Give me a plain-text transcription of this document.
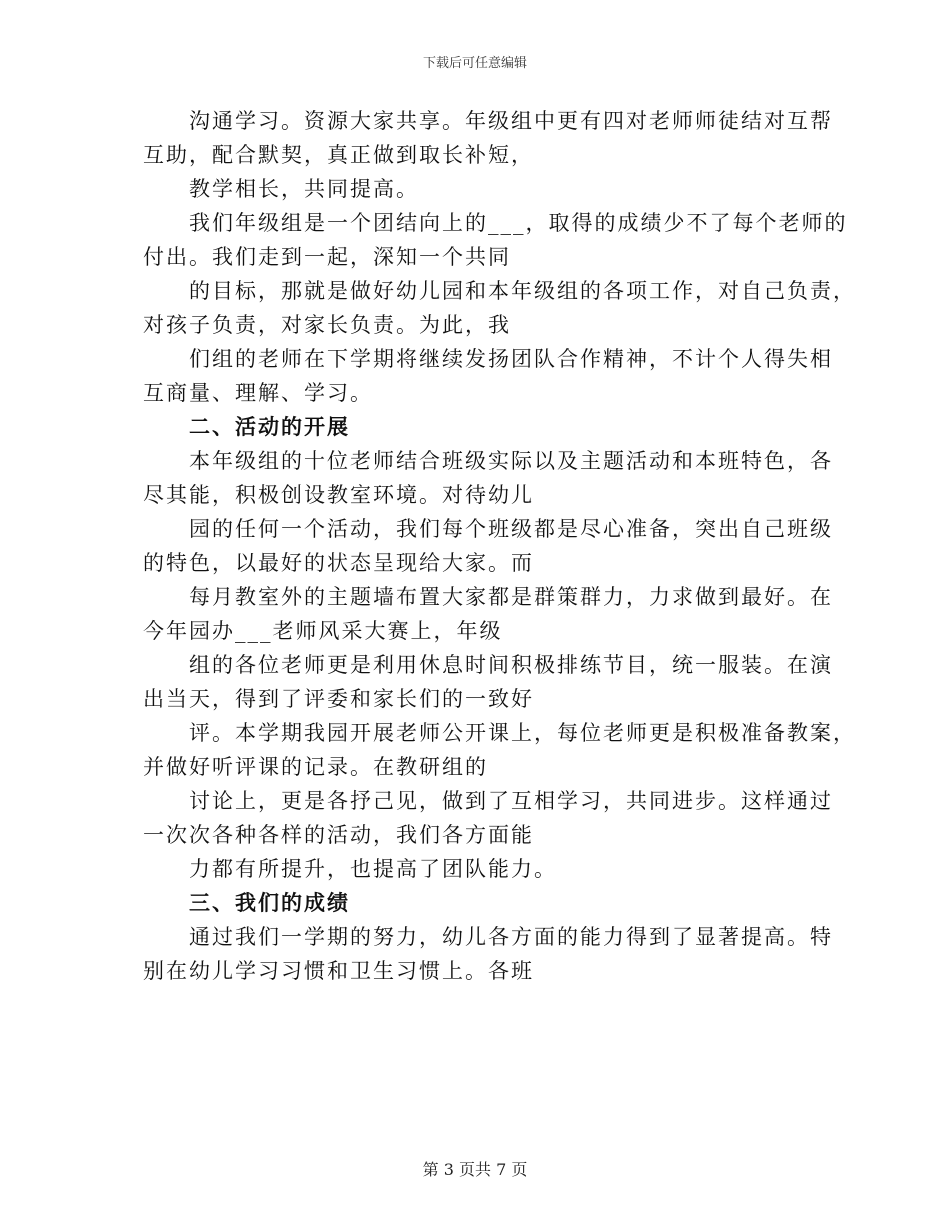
下载后可任意编辑

沟通学习。资源大家共享。年级组中更有四对老师师徒结对互帮

互助，配合默契，真正做到取长补短，

教学相长，共同提高。

我们年级组是一个团结向上的___，取得的成绩少不了每个老师的

付出。我们走到一起，深知一个共同

的目标，那就是做好幼儿园和本年级组的各项工作，对自己负责，

对孩子负责，对家长负责。为此，我

们组的老师在下学期将继续发扬团队合作精神，不计个人得失相

互商量、理解、学习。

二、活动的开展

本年级组的十位老师结合班级实际以及主题活动和本班特色，各

尽其能，积极创设教室环境。对待幼儿

园的任何一个活动，我们每个班级都是尽心准备，突出自己班级

的特色，以最好的状态呈现给大家。而

每月教室外的主题墙布置大家都是群策群力，力求做到最好。在

今年园办___老师风采大赛上，年级

组的各位老师更是利用休息时间积极排练节目，统一服装。在演

出当天，得到了评委和家长们的一致好

评。本学期我园开展老师公开课上，每位老师更是积极准备教案，

并做好听评课的记录。在教研组的

讨论上，更是各抒己见，做到了互相学习，共同进步。这样通过

一次次各种各样的活动，我们各方面能

力都有所提升，也提高了团队能力。

三、我们的成绩

通过我们一学期的努力，幼儿各方面的能力得到了显著提高。特

别在幼儿学习习惯和卫生习惯上。各班

第 3 页共 7 页
